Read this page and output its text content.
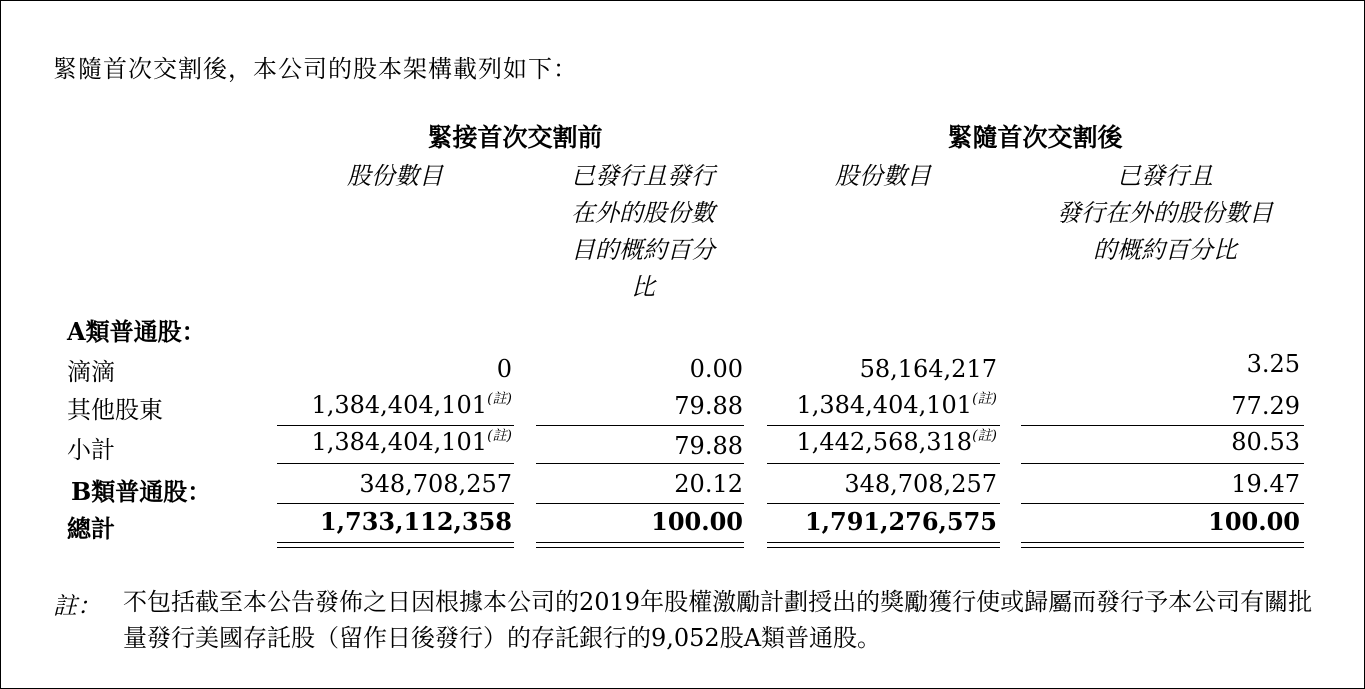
緊隨首次交割後，本公司的股本架構載列如下：
緊接首次交割前	緊隨首次交割後
股份數目	已發行且發行
在外的股份數
目的概約百分
比
股份數目	已發行且
發行在外的股份數目
的概約百分比
A類普通股：
滴滴	0	0.00	58,164,217	3.25
其他股東	$1,384,404,101^{(註)}$	79.88 $1,384,404,101^{(註)}$	77.29
小計	$1,384,404,101^{(註)}$	79.88 $1,442,568,318^{(註)}$	80.53
B類普通股：	348,708,257	20.12	348,708,257	19.47
總計	1,733,112,358	100.00	1,791,276,575	100.00
註： 不包括截至本公告發佈之日因根據本公司的2019年股權激勵計劃授出的獎勵獲行使或歸屬而發行予本公司有關批量發行美國存託股（留作日後發行）的存託銀行的9,052股A類普通股。
